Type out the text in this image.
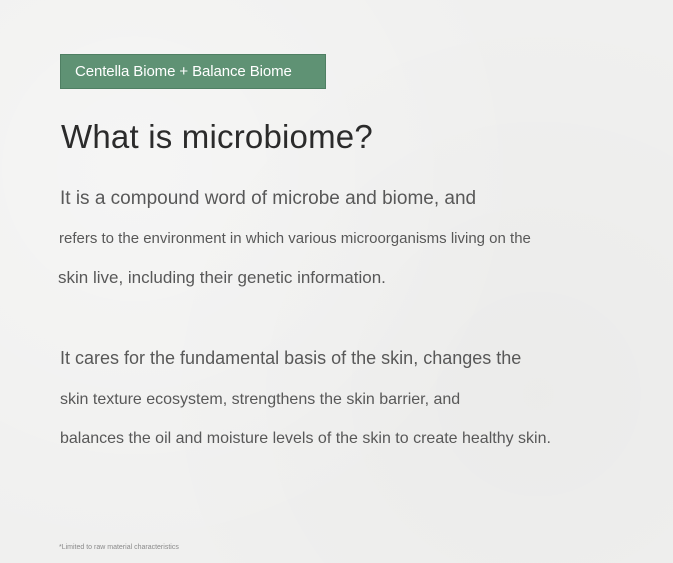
Centella Biome + Balance Biome
What is microbiome?

It is a compound word of microbe and biome, and

refers to the environment in which various microorganisms living on the

skin live, including their genetic information.

It cares for the fundamental basis of the skin, changes the

skin texture ecosystem, strengthens the skin barrier, and

balances the oil and moisture levels of the skin to create healthy skin.

*Limited to raw material characteristics
